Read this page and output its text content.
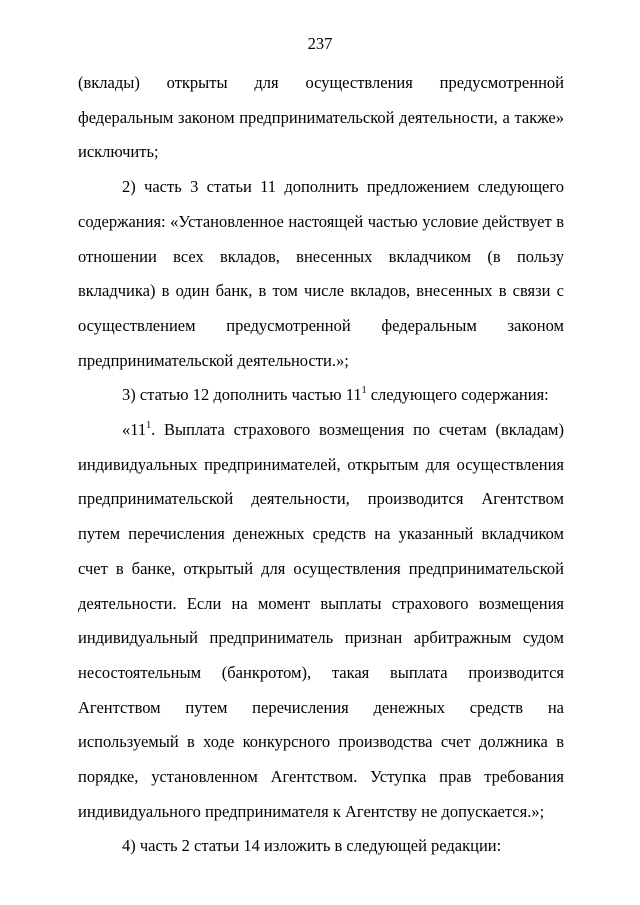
237

(вклады) открыты для осуществления предусмотренной федеральным законом предпринимательской деятельности, а также» исключить;

2) часть 3 статьи 11 дополнить предложением следующего содержания: «Установленное настоящей частью условие действует в отношении всех вкладов, внесенных вкладчиком (в пользу вкладчика) в один банк, в том числе вкладов, внесенных в связи с осуществлением предусмотренной федеральным законом предпринимательской деятельности.»;

3) статью 12 дополнить частью $11^1$ следующего содержания:

«$11^1$. Выплата страхового возмещения по счетам (вкладам) индивидуальных предпринимателей, открытым для осуществления предпринимательской деятельности, производится Агентством путем перечисления денежных средств на указанный вкладчиком счет в банке, открытый для осуществления предпринимательской деятельности. Если на момент выплаты страхового возмещения индивидуальный предприниматель признан арбитражным судом несостоятельным (банкротом), такая выплата производится Агентством путем перечисления денежных средств на используемый в ходе конкурсного производства счет должника в порядке, установленном Агентством. Уступка прав требования индивидуального предпринимателя к Агентству не допускается.»;

4) часть 2 статьи 14 изложить в следующей редакции:
